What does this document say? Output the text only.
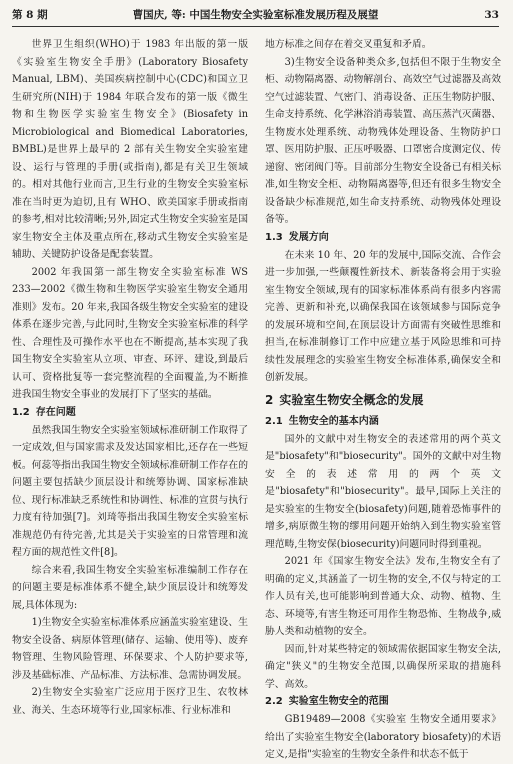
第 8 期	曹国庆, 等: 中国生物安全实验室标准发展历程及展望	33

世界卫生组织(WHO)于 1983 年出版的第一版《实验室生物安全手册》(Laboratory Biosafety Manual, LBM)、美国疾病控制中心(CDC)和国立卫生研究所(NIH)于 1984 年联合发布的第一版《微生物和生物医学实验室生物安全》(Biosafety in Microbiological and Biomedical Laboratories, BMBL)是世界上最早的 2 部有关生物安全实验室建设、运行与管理的手册(或指南),都是有关卫生领域的。相对其他行业而言,卫生行业的生物安全实验室标准在当时更为迫切,且有 WHO、欧美国家手册或指南的参考,相对比较清晰;另外,固定式生物安全实验室是国家生物安全主体及重点所在,移动式生物安全实验室是辅助、关键防护设备是配套装置。

2002 年我国第一部生物安全实验室标准 WS 233—2002《微生物和生物医学实验室生物安全通用准则》发布。20 年来,我国各级生物安全实验室的建设体系在逐步完善,与此同时,生物安全实验室标准的科学性、合理性及可操作水平也在不断提高,基本实现了我国生物安全实验室从立项、审查、环评、建设,到最后认可、资格批复等一套完整流程的全面覆盖,为不断推进我国生物安全事业的发展打下了坚实的基础。

1.2 存在问题

虽然我国生物安全实验室领域标准研制工作取得了一定成效,但与国家需求及发达国家相比,还存在一些短板。何蕊等指出我国生物安全领域标准研制工作存在的问题主要包括缺少顶层设计和统筹协调、国家标准缺位、现行标准缺乏系统性和协调性、标准的宣贯与执行力度有待加强[7]。刘琦等指出我国生物安全实验室标准规范仍有待完善,尤其是关于实验室的日常管理和流程方面的规范性文件[8]。

综合来看,我国生物安全实验室标准编制工作存在的问题主要是标准体系不健全,缺少顶层设计和统筹发展,具体体现为:

1)生物安全实验室标准体系应涵盖实验室建设、生物安全设备、病原体管理(储存、运输、使用等)、废弃物管理、生物风险管理、环保要求、个人防护要求等,涉及基础标准、产品标准、方法标准、急需协调发展。

2)生物安全实验室广泛应用于医疗卫生、农牧林业、海关、生态环境等行业,国家标准、行业标准和

地方标准之间存在着交叉重复和矛盾。

3)生物安全设备种类众多,包括但不限于生物安全柜、动物隔离器、动物解剖台、高效空气过滤器及高效空气过滤装置、气密门、消毒设备、正压生物防护服、生命支持系统、化学淋浴消毒装置、高压蒸汽灭菌器、生物废水处理系统、动物残体处理设备、生物防护口罩、医用防护服、正压呼吸器、口罩密合度测定仪、传递窗、密闭阀门等。目前部分生物安全设备已有相关标准,如生物安全柜、动物隔离器等,但还有很多生物安全设备缺少标准规范,如生命支持系统、动物残体处理设备等。

1.3 发展方向

在未来 10 年、20 年的发展中,国际交流、合作会进一步加强,一些颠覆性新技术、新装备将会用于实验室生物安全领域,现有的国家标准体系尚有很多内容需完善、更新和补充,以确保我国在该领域参与国际竞争的发展环境和空间,在顶层设计方面需有突破性思维和担当,在标准制修订工作中应建立基于风险思维和可持续性发展理念的实验室生物安全标准体系,确保安全和创新发展。

2 实验室生物安全概念的发展
2.1 生物安全的基本内涵

国外的文献中对生物安全的表述常用的两个英文是"biosafety"和"biosecurity"。国外的文献中对生物安全的表述常用的两个英文是"biosafety"和"biosecurity"。最早,国际上关注的是实验室的生物安全(biosafety)问题,随着恐怖事件的增多,病原微生物的缪用问题开始纳入到生物实验室管理范畴,生物安保(biosecurity)问题同时得到重视。

2021 年《国家生物安全法》发布,生物安全有了明确的定义,其涵盖了一切生物的安全,不仅与特定的工作人员有关,也可能影响到普通大众、动物、植物、生态、环境等,有害生物还可用作生物恐怖、生物战争,威胁人类和动植物的安全。

因而,针对某些特定的领域需依据国家生物安全法,确定"狭义"的生物安全范围,以确保所采取的措施科学、高效。

2.2 实验室生物安全的范围

GB19489—2008《实验室 生物安全通用要求》给出了实验室生物安全(laboratory biosafety)的术语定义,是指"实验室的生物安全条件和状态不低于
